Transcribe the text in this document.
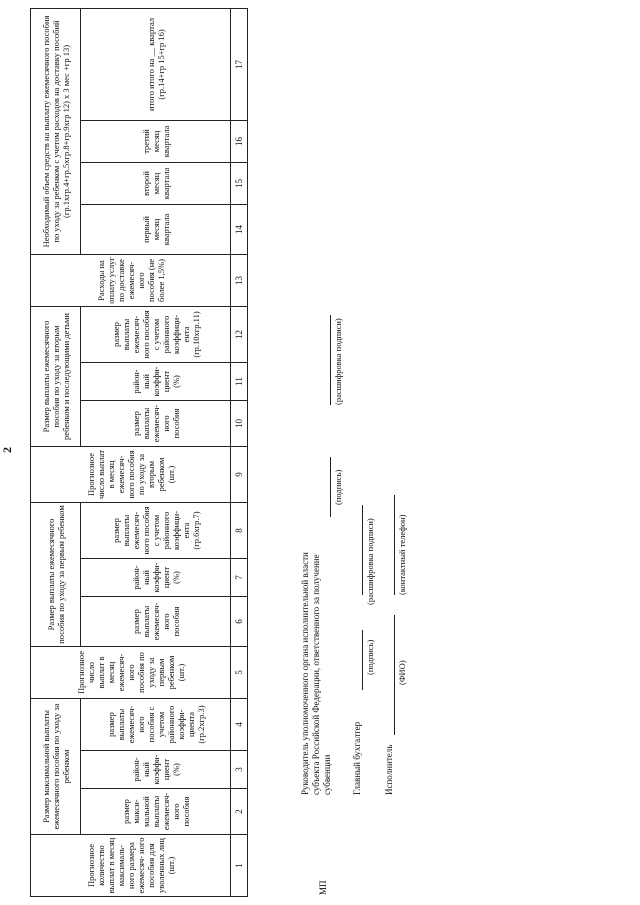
2
Прогнозное количество выплат в месяц максималь- ного размера ежемесяч- ного пособия для уволенных лиц (шт.)	Размер максимальной выплаты ежемесячного пособия по уходу за ребенком			Прогнозное число выплат в месяц ежемесяч- ного пособия по уходу за первым ребенком (шт.)	Размер выплаты ежемесячного пособия по уходу за первым ребенком			Прогнозное число выплат в месяц ежемесяч- ного пособия по уходу за вторым ребенком (шт.)	Размер выплаты ежемесячного пособия по уходу за вторым ребенком и последующими детьми			Расходы на оплату услуг по доставке ежемесяч- ного пособия (не более 1,5%)	Необходимый объем средств на выплату ежемесячного пособия по уходу за ребенком с учетом расходов на доставку пособий (гр.1хгр.4+гр.5хгр.8+гр.9хгр 12) х 3 мес +гр 13)			
	размер макси- мальной выплаты ежемесяч- ного пособия	район- ный коэффи- циент (%)	размер выплаты ежемесяч- ного пособия с учетом районного коэффи- циента (гр.2хгр.3)		размер выплаты ежемесяч- ного пособия	район- ный коэффи- циент (%)	размер выплаты ежемесяч- ного пособия с учетом районного коэффици- ента (гр.6хгр.7)		размер выплаты ежемесяч- ного пособия	район- ный коэффи- циент (%)	размер выплаты ежемесяч- ного пособия с учетом районного коэффици- ента (гр.10хгр.11)		первый месяц квартала	второй месяц квартала	третий месяц квартала	итого итого на __ квартал (гр.14+гр 15+гр 16)
1	2	3	4	5	6	7	8	9	10	11	12	13	14	15	16	17
Руководитель уполномоченного органа исполнительной власти субъекта Российской Федерации, ответственного за получение субвенции
(подпись)
(расшифровка подписи)
Главный бухгалтер
(подпись)
(расшифровка подписи)
Исполнитель
(ФИО)
(контактный телефон)
МП
